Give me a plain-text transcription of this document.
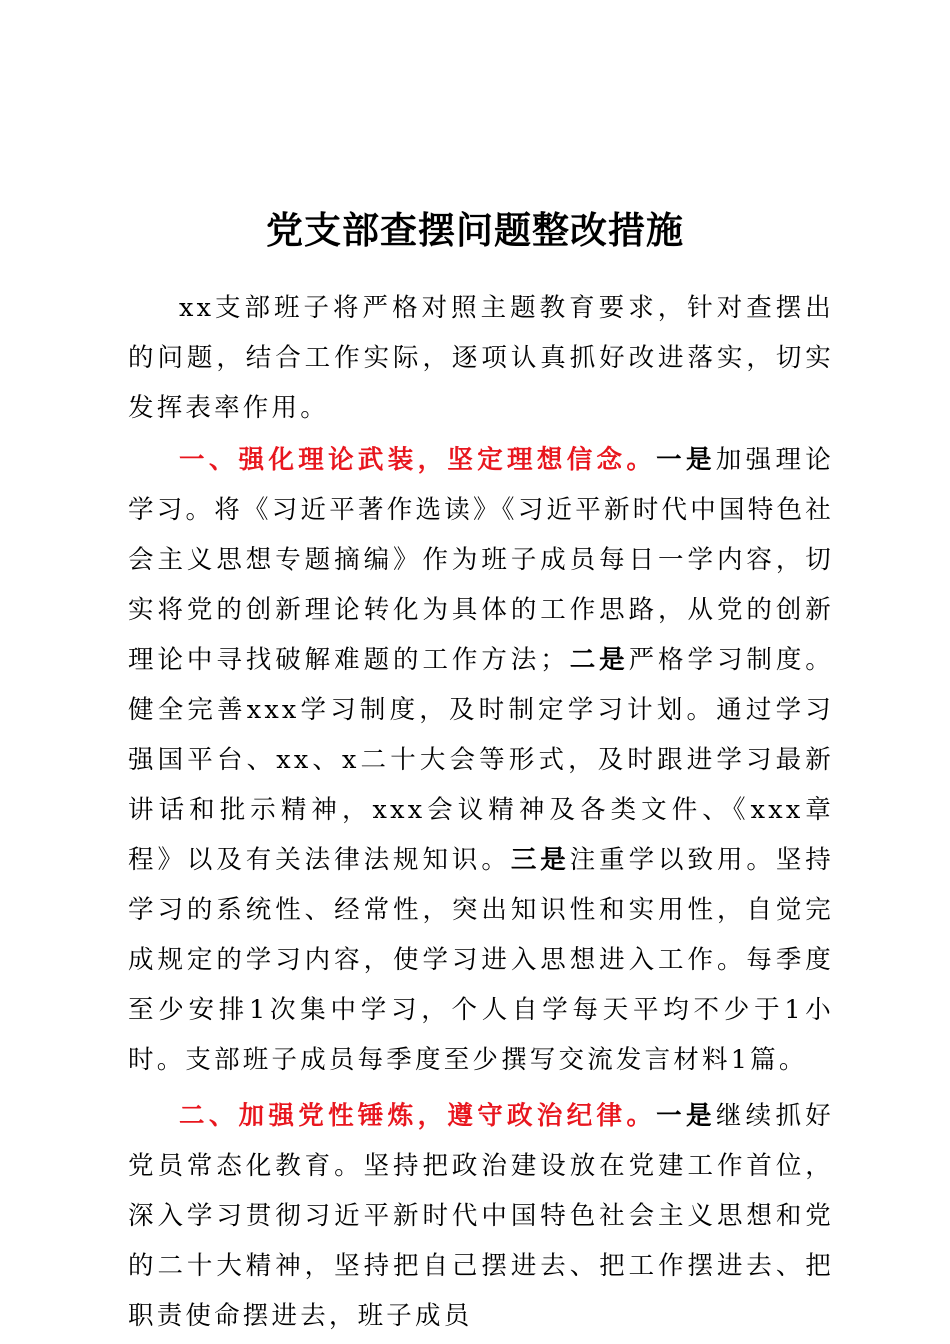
党支部查摆问题整改措施

xx支部班子将严格对照主题教育要求，针对查摆出的问题，结合工作实际，逐项认真抓好改进落实，切实发挥表率作用。

一、强化理论武装，坚定理想信念。一是加强理论学习。将《习近平著作选读》《习近平新时代中国特色社会主义思想专题摘编》作为班子成员每日一学内容，切实将党的创新理论转化为具体的工作思路，从党的创新理论中寻找破解难题的工作方法；二是严格学习制度。健全完善xxx学习制度，及时制定学习计划。通过学习强国平台、xx、x二十大会等形式，及时跟进学习最新讲话和批示精神，xxx会议精神及各类文件、《xxx章程》以及有关法律法规知识。三是注重学以致用。坚持学习的系统性、经常性，突出知识性和实用性，自觉完成规定的学习内容，使学习进入思想进入工作。每季度至少安排1次集中学习，个人自学每天平均不少于1小时。支部班子成员每季度至少撰写交流发言材料1篇。

二、加强党性锤炼，遵守政治纪律。一是继续抓好党员常态化教育。坚持把政治建设放在党建工作首位，深入学习贯彻习近平新时代中国特色社会主义思想和党的二十大精神，坚持把自己摆进去、把工作摆进去、把职责使命摆进去，班子成员
